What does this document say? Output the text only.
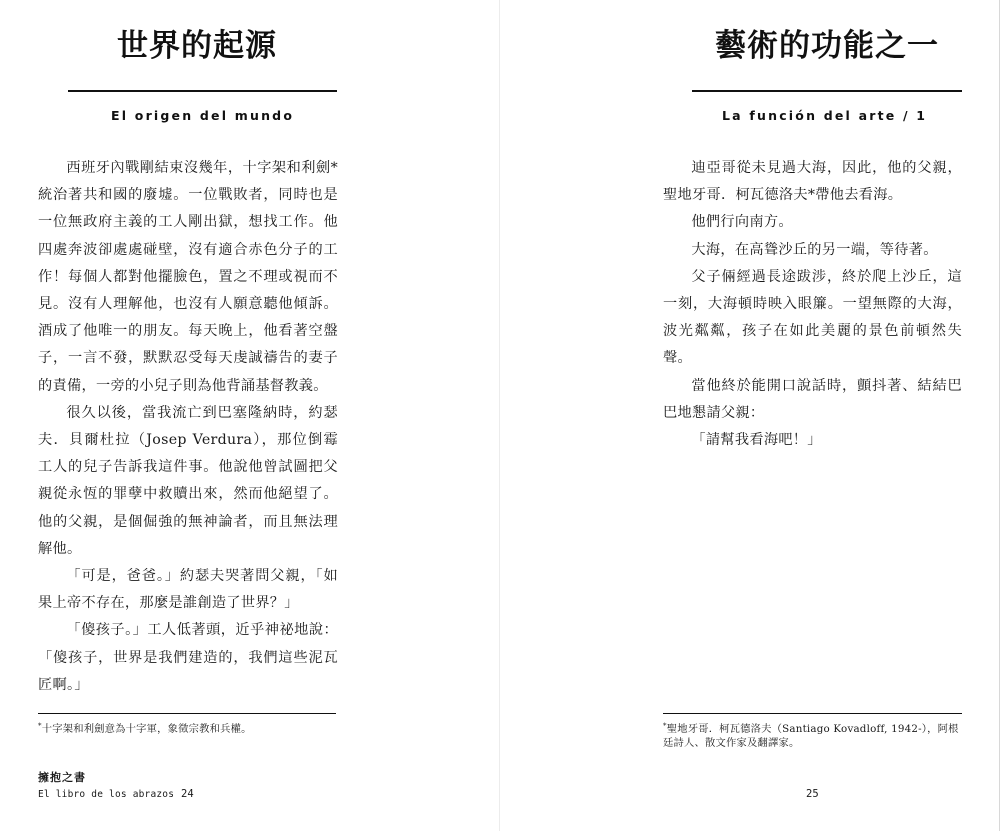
世界的起源
El origen del mundo

西班牙內戰剛結束沒幾年，十字架和利劍*統治著共和國的廢墟。一位戰敗者，同時也是一位無政府主義的工人剛出獄，想找工作。他四處奔波卻處處碰壁，沒有適合赤色分子的工作！每個人都對他擺臉色，置之不理或視而不見。沒有人理解他，也沒有人願意聽他傾訴。酒成了他唯一的朋友。每天晚上，他看著空盤子，一言不發，默默忍受每天虔誠禱告的妻子的責備，一旁的小兒子則為他背誦基督教義。

很久以後，當我流亡到巴塞隆納時，約瑟夫．貝爾杜拉（Josep Verdura），那位倒霉工人的兒子告訴我這件事。他說他曾試圖把父親從永恆的罪孽中救贖出來，然而他絕望了。他的父親，是個倔強的無神論者，而且無法理解他。

「可是，爸爸。」約瑟夫哭著問父親，「如果上帝不存在，那麼是誰創造了世界？」

「傻孩子。」工人低著頭，近乎神祕地說：「傻孩子，世界是我們建造的，我們這些泥瓦匠啊。」

*十字架和利劍意為十字軍，象徵宗教和兵權。
擁抱之書
El libro de los abrazos 24
藝術的功能之一
La función del arte / 1

迪亞哥從未見過大海，因此，他的父親，聖地牙哥．柯瓦德洛夫*帶他去看海。

他們行向南方。

大海，在高聳沙丘的另一端，等待著。

父子倆經過長途跋涉，終於爬上沙丘，這一刻，大海頓時映入眼簾。一望無際的大海，波光粼粼，孩子在如此美麗的景色前頓然失聲。

當他終於能開口說話時，顫抖著、結結巴巴地懇請父親：

「請幫我看海吧！」

*聖地牙哥．柯瓦德洛夫（Santiago Kovadloff, 1942-），阿根廷詩人、散文作家及翻譯家。
25
